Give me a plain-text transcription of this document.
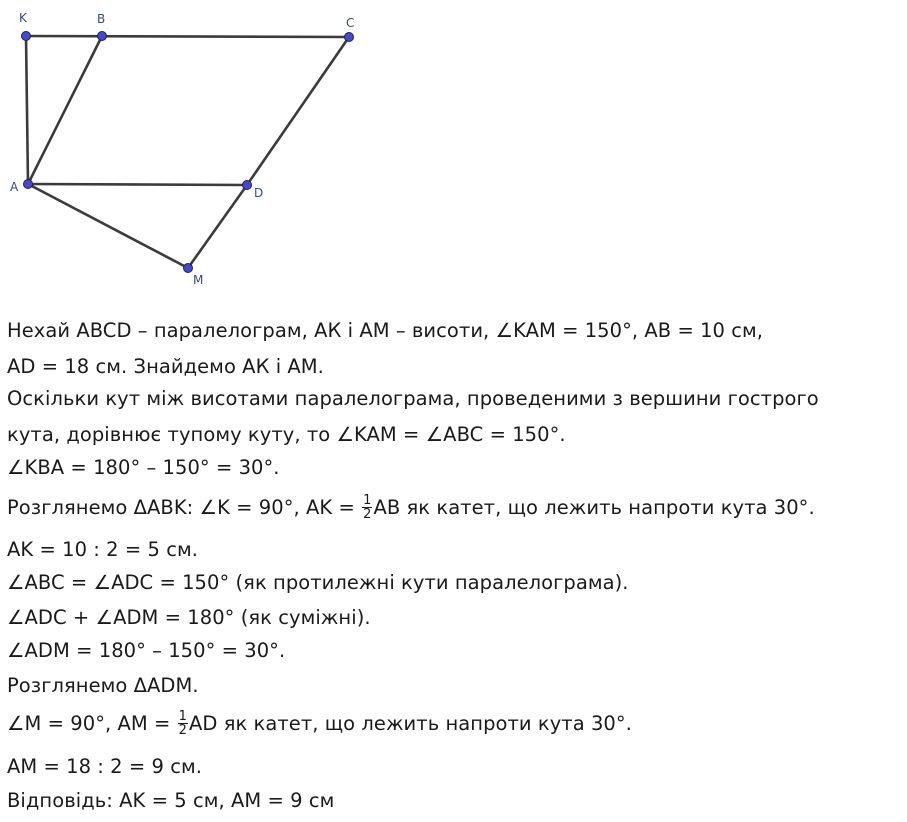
K	B	C
A	D
M
Нехай ABCD – паралелограм, АК і АМ – висоти, ∠KAM = 150°, AB = 10 см,
AD = 18 см. Знайдемо АК і АМ.
Оскільки кут між висотами паралелограма, проведеними з вершини гострого
кута, дорівнює тупому куту, то ∠KAM = ∠ABC = 150°.
∠KBA = 180° – 150° = 30°.
Розглянемо ΔABK: ∠K = 90°, AK = $\frac{1}{2}$ AB як катет, що лежить напроти кута 30°.
AK = 10 : 2 = 5 см.
∠ABC = ∠ADC = 150° (як протилежні кути паралелограма).
∠ADC + ∠ADM = 180° (як суміжні).
∠ADM = 180° – 150° = 30°.
Розглянемо ΔADM.
∠M = 90°, AM = $\frac{1}{2}$ AD як катет, що лежить напроти кута 30°.
AM = 18 : 2 = 9 см.
Відповідь: AK = 5 см, AM = 9 см
